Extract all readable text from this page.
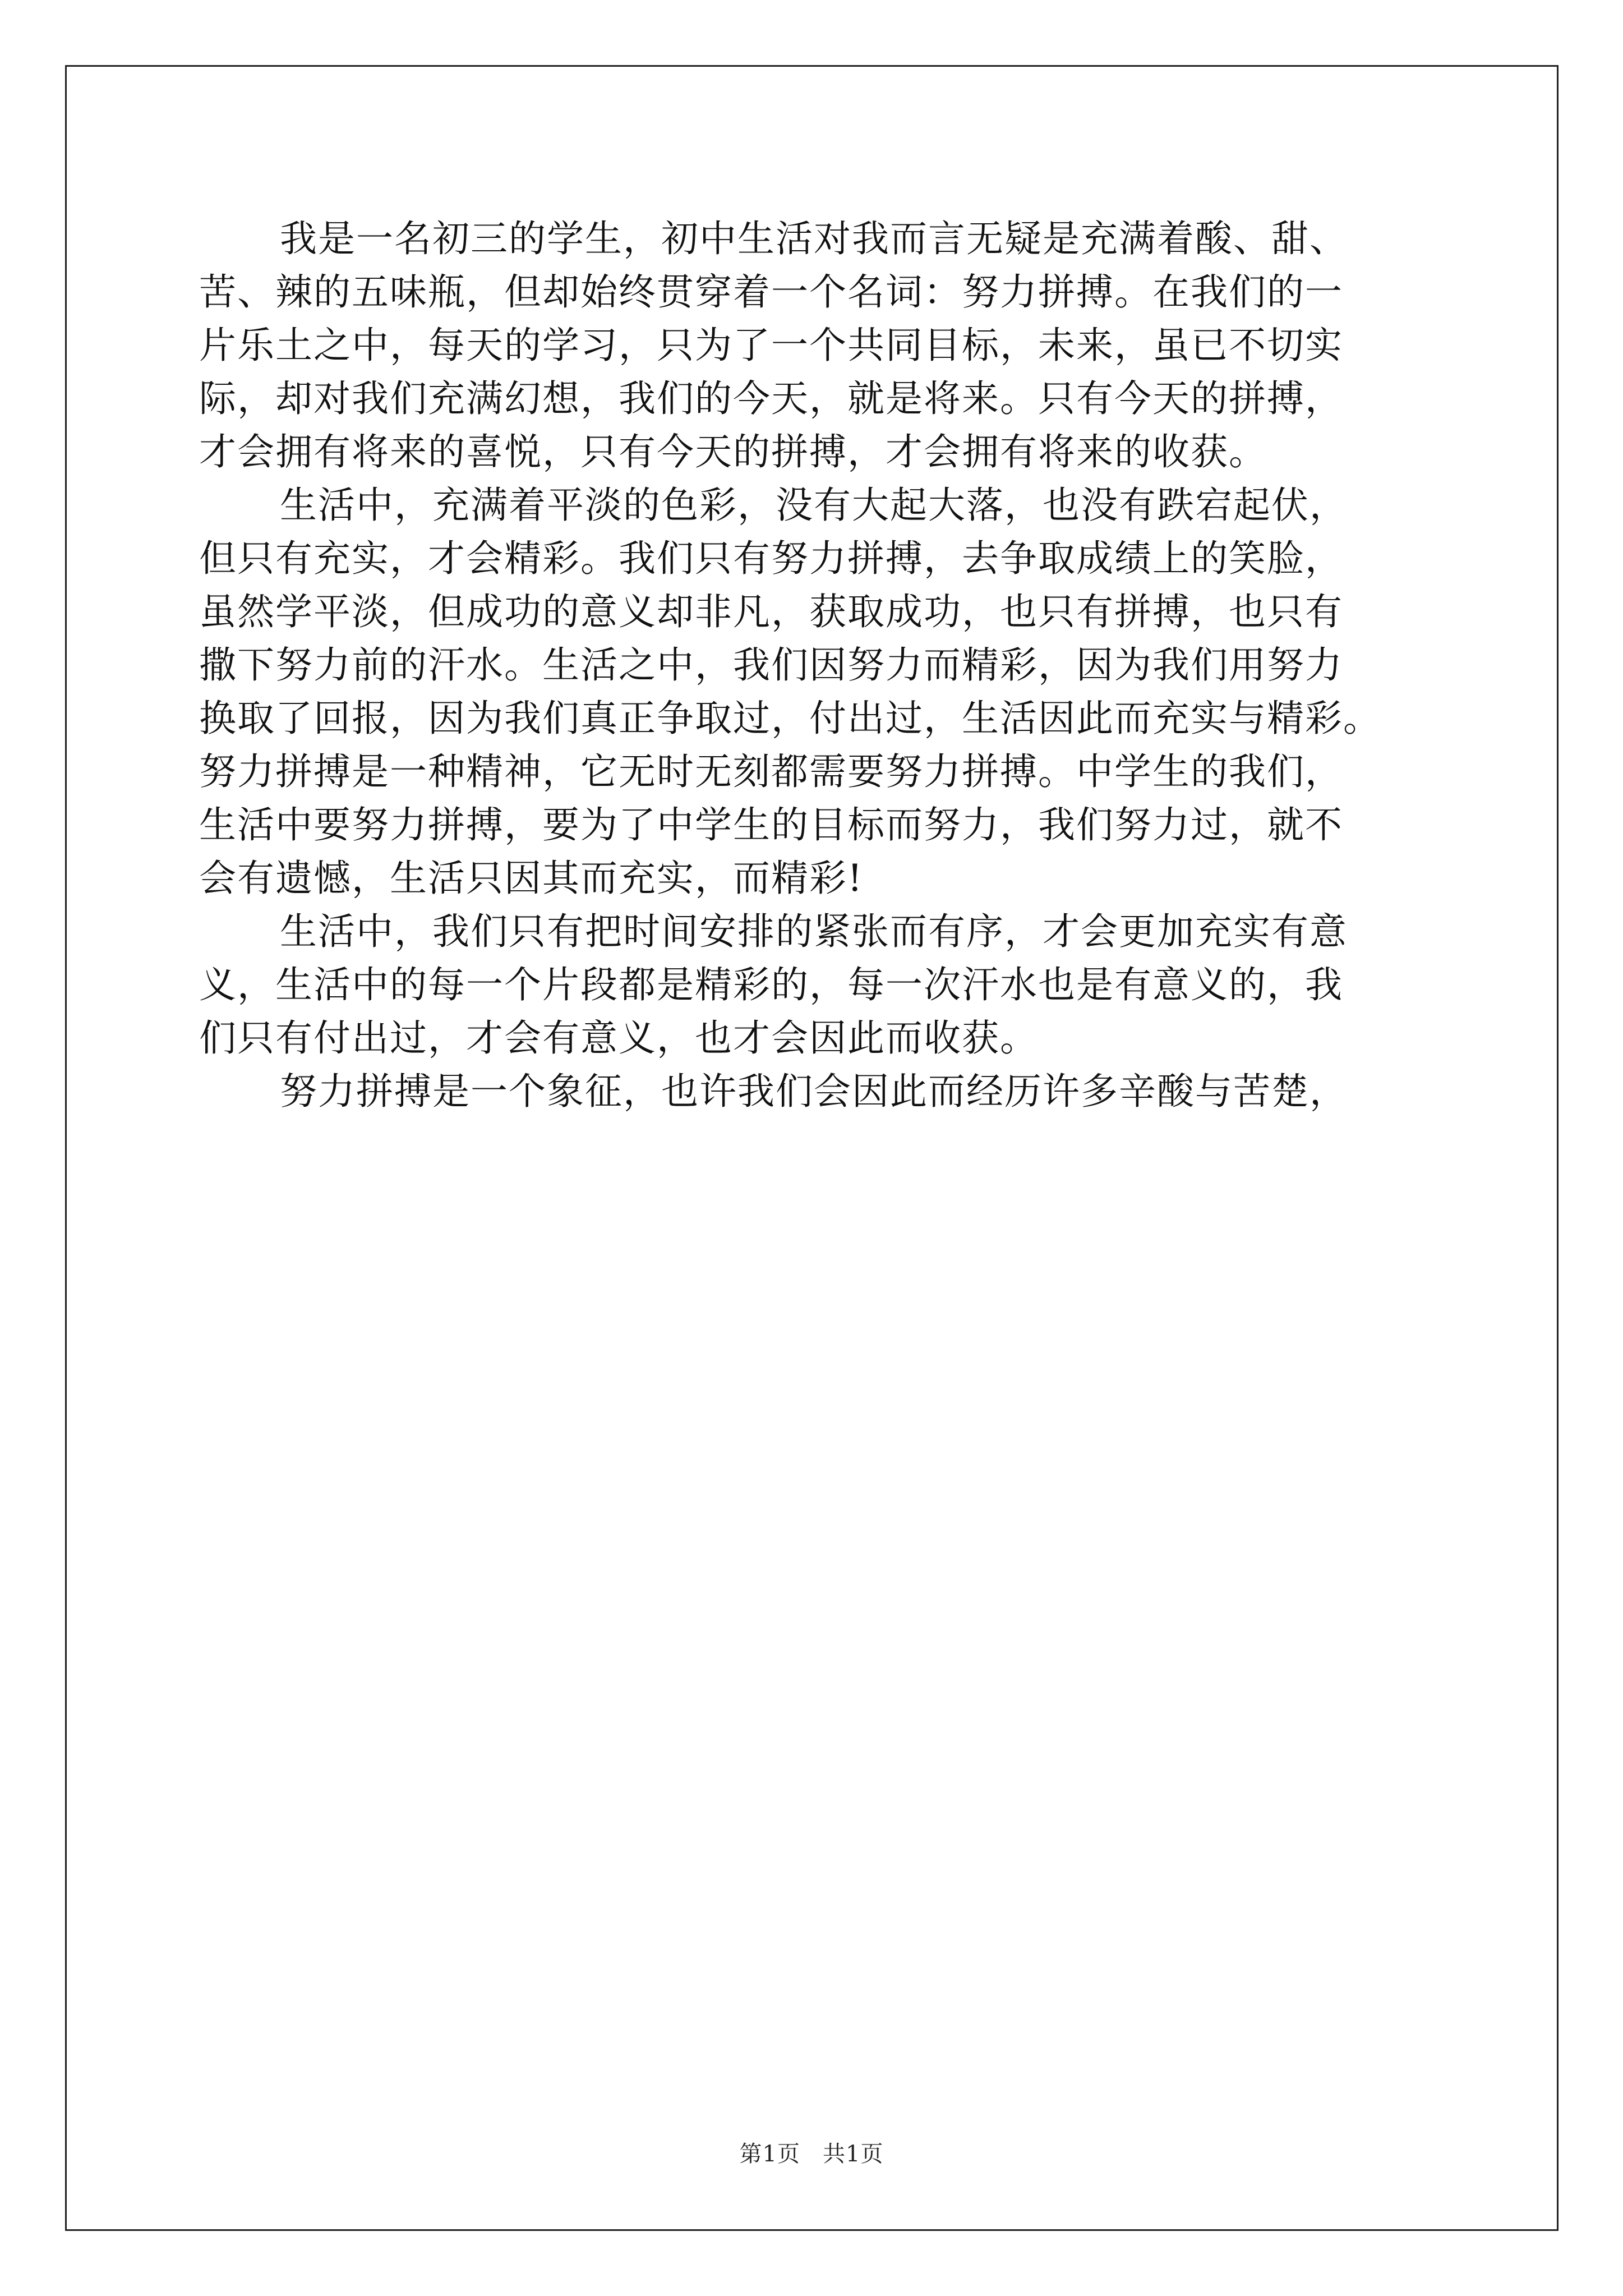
我是一名初三的学生，初中生活对我而言无疑是充满着酸、甜、
苦、辣的五味瓶，但却始终贯穿着一个名词：努力拼搏。在我们的一
片乐土之中，每天的学习，只为了一个共同目标，未来，虽已不切实
际，却对我们充满幻想，我们的今天，就是将来。只有今天的拼搏，
才会拥有将来的喜悦，只有今天的拼搏，才会拥有将来的收获。
生活中，充满着平淡的色彩，没有大起大落，也没有跌宕起伏，
但只有充实，才会精彩。我们只有努力拼搏，去争取成绩上的笑脸，
虽然学平淡，但成功的意义却非凡，获取成功，也只有拼搏，也只有
撒下努力前的汗水。生活之中，我们因努力而精彩，因为我们用努力
换取了回报，因为我们真正争取过，付出过，生活因此而充实与精彩。
努力拼搏是一种精神，它无时无刻都需要努力拼搏。中学生的我们，
生活中要努力拼搏，要为了中学生的目标而努力，我们努力过，就不
会有遗憾，生活只因其而充实，而精彩!
生活中，我们只有把时间安排的紧张而有序，才会更加充实有意
义，生活中的每一个片段都是精彩的，每一次汗水也是有意义的，我
们只有付出过，才会有意义，也才会因此而收获。
努力拼搏是一个象征，也许我们会因此而经历许多辛酸与苦楚，
第1页 共1页
